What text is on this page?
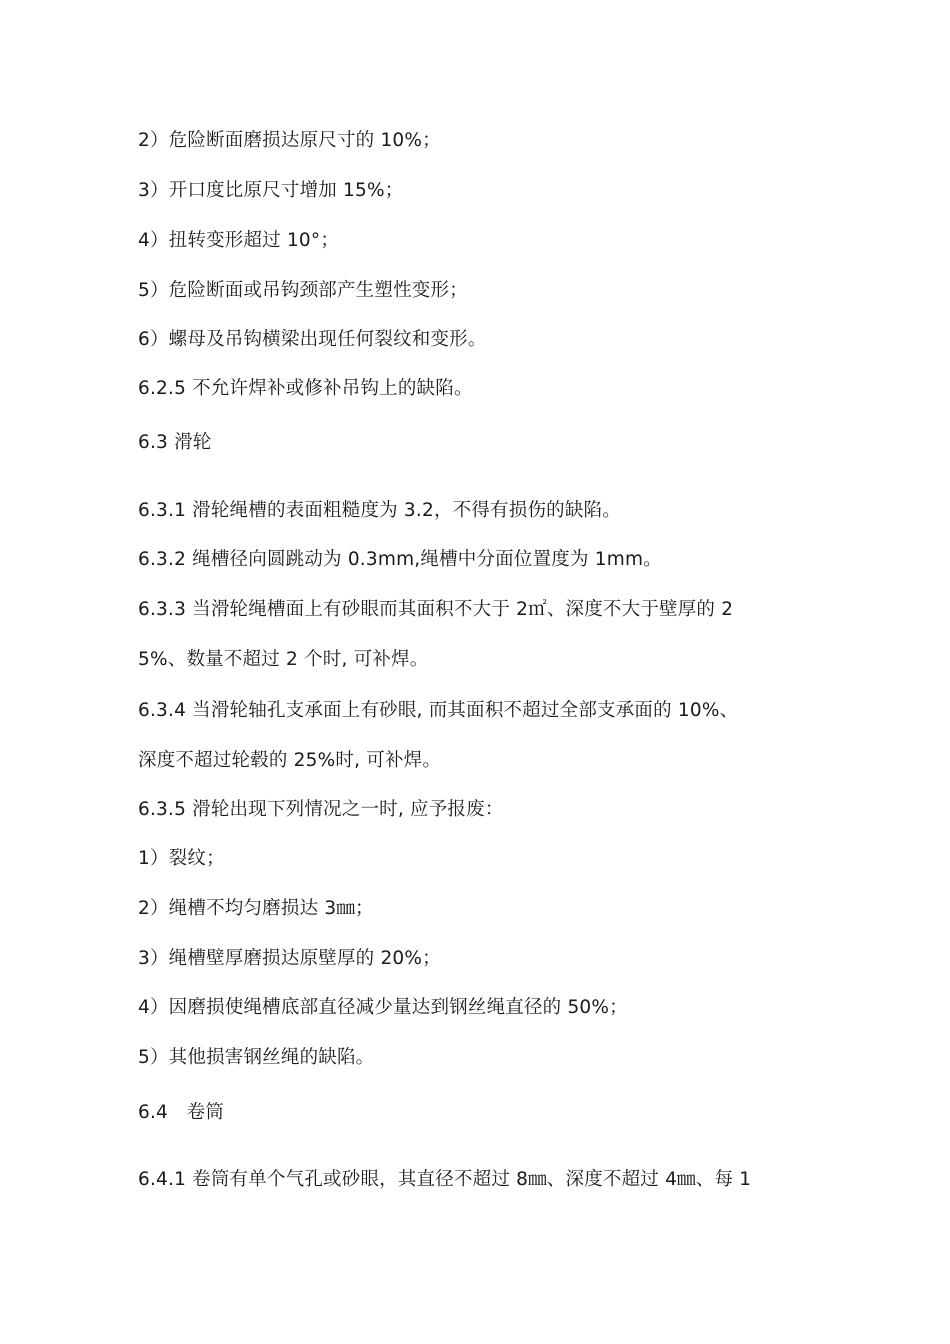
2）危险断面磨损达原尺寸的 10%；
3）开口度比原尺寸增加 15%；
4）扭转变形超过 10°；
5）危险断面或吊钩颈部产生塑性变形；
6）螺母及吊钩横梁出现任何裂纹和变形。
6.2.5 不允许焊补或修补吊钩上的缺陷。
6.3 滑轮
6.3.1 滑轮绳槽的表面粗糙度为 3.2，不得有损伤的缺陷。
6.3.2 绳槽径向圆跳动为 0.3mm,绳槽中分面位置度为 1mm。
6.3.3 当滑轮绳槽面上有砂眼而其面积不大于 2㎡、深度不大于壁厚的 2
5%、数量不超过 2 个时, 可补焊。
6.3.4 当滑轮轴孔支承面上有砂眼, 而其面积不超过全部支承面的 10%、
深度不超过轮毂的 25%时, 可补焊。
6.3.5 滑轮出现下列情况之一时, 应予报废：
1）裂纹；
2）绳槽不均匀磨损达 3㎜；
3）绳槽壁厚磨损达原壁厚的 20%；
4）因磨损使绳槽底部直径减少量达到钢丝绳直径的 50%；
5）其他损害钢丝绳的缺陷。
6.4　卷筒
6.4.1 卷筒有单个气孔或砂眼，其直径不超过 8㎜、深度不超过 4㎜、每 1
